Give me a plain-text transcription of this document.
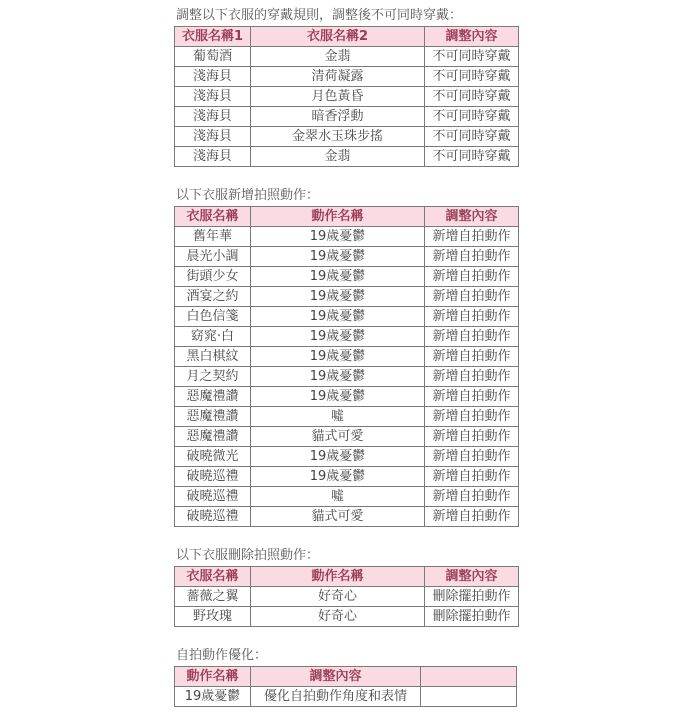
調整以下衣服的穿戴規則，調整後不可同時穿戴：
衣服名稱1	衣服名稱2	調整內容
葡萄酒	金翡	不可同時穿戴
淺海貝	清荷凝露	不可同時穿戴
淺海貝	月色黃昏	不可同時穿戴
淺海貝	暗香浮動	不可同時穿戴
淺海貝	金翠水玉珠步搖	不可同時穿戴
淺海貝	金翡	不可同時穿戴
以下衣服新增拍照動作：
衣服名稱	動作名稱	調整內容
舊年華	19歲憂鬱	新增自拍動作
晨光小調	19歲憂鬱	新增自拍動作
街頭少女	19歲憂鬱	新增自拍動作
酒宴之約	19歲憂鬱	新增自拍動作
白色信箋	19歲憂鬱	新增自拍動作
窈窕·白	19歲憂鬱	新增自拍動作
黑白棋紋	19歲憂鬱	新增自拍動作
月之契約	19歲憂鬱	新增自拍動作
惡魔禮讚	19歲憂鬱	新增自拍動作
惡魔禮讚	噓	新增自拍動作
惡魔禮讚	貓式可愛	新增自拍動作
破曉微光	19歲憂鬱	新增自拍動作
破曉巡禮	19歲憂鬱	新增自拍動作
破曉巡禮	噓	新增自拍動作
破曉巡禮	貓式可愛	新增自拍動作
以下衣服刪除拍照動作：
衣服名稱	動作名稱	調整內容
薔薇之翼	好奇心	刪除擺拍動作
野玫瑰	好奇心	刪除擺拍動作
自拍動作優化：
動作名稱	調整內容	
19歲憂鬱	優化自拍動作角度和表情	
